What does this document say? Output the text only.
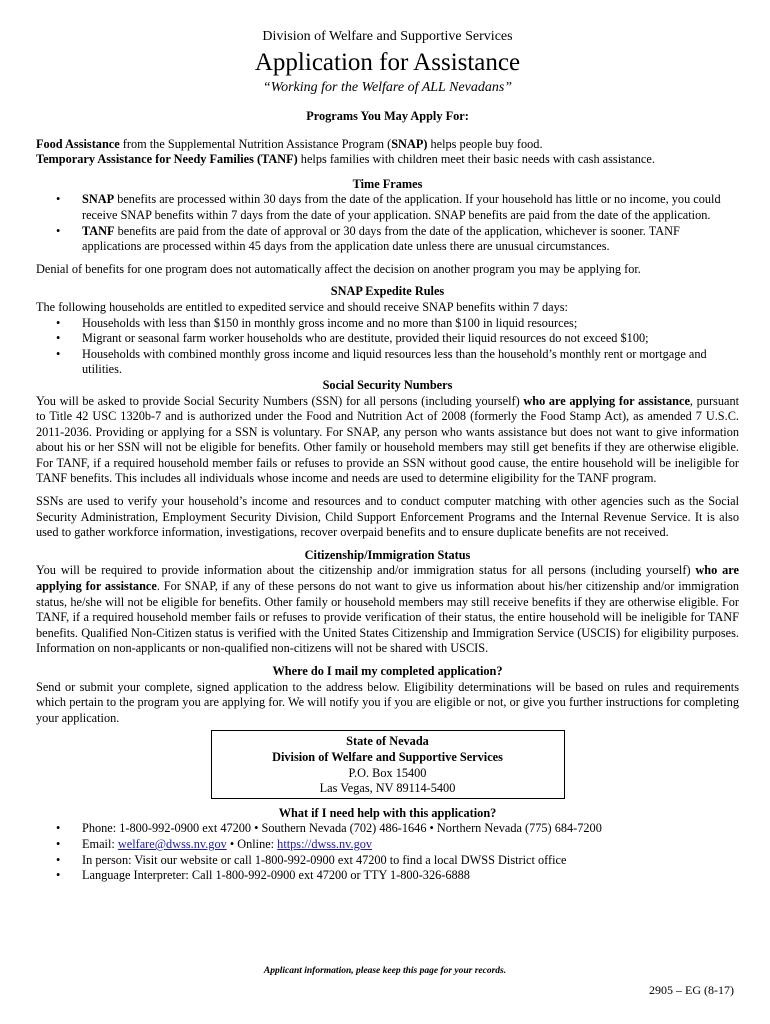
Division of Welfare and Supportive Services
Application for Assistance
“Working for the Welfare of ALL Nevadans”
Programs You May Apply For:

Food Assistance from the Supplemental Nutrition Assistance Program (SNAP) helps people buy food.

Temporary Assistance for Needy Families (TANF) helps families with children meet their basic needs with cash assistance.

Time Frames
• SNAP benefits are processed within 30 days from the date of the application. If your household has little or no income, you could receive SNAP benefits within 7 days from the date of your application. SNAP benefits are paid from the date of the application.
• TANF benefits are paid from the date of approval or 30 days from the date of the application, whichever is sooner. TANF applications are processed within 45 days from the application date unless there are unusual circumstances.

Denial of benefits for one program does not automatically affect the decision on another program you may be applying for.

SNAP Expedite Rules

The following households are entitled to expedited service and should receive SNAP benefits within 7 days:

• Households with less than $150 in monthly gross income and no more than $100 in liquid resources;
• Migrant or seasonal farm worker households who are destitute, provided their liquid resources do not exceed $100;
• Households with combined monthly gross income and liquid resources less than the household’s monthly rent or mortgage and utilities.
Social Security Numbers

You will be asked to provide Social Security Numbers (SSN) for all persons (including yourself) who are applying for assistance, pursuant to Title 42 USC 1320b-7 and is authorized under the Food and Nutrition Act of 2008 (formerly the Food Stamp Act), as amended 7 U.S.C. 2011-2036. Providing or applying for a SSN is voluntary. For SNAP, any person who wants assistance but does not want to give information about his or her SSN will not be eligible for benefits. Other family or household members may still get benefits if they are otherwise eligible. For TANF, if a required household member fails or refuses to provide an SSN without good cause, the entire household will be ineligible for TANF benefits. This includes all individuals whose income and needs are used to determine eligibility for the TANF program.

SSNs are used to verify your household’s income and resources and to conduct computer matching with other agencies such as the Social Security Administration, Employment Security Division, Child Support Enforcement Programs and the Internal Revenue Service. It is also used to gather workforce information, investigations, recover overpaid benefits and to ensure duplicate benefits are not received.

Citizenship/Immigration Status

You will be required to provide information about the citizenship and/or immigration status for all persons (including yourself) who are applying for assistance. For SNAP, if any of these persons do not want to give us information about his/her citizenship and/or immigration status, he/she will not be eligible for benefits. Other family or household members may still receive benefits if they are otherwise eligible. For TANF, if a required household member fails or refuses to provide verification of their status, the entire household will be ineligible for TANF benefits. Qualified Non-Citizen status is verified with the United States Citizenship and Immigration Service (USCIS) for eligibility purposes. Information on non-applicants or non-qualified non-citizens will not be shared with USCIS.

Where do I mail my completed application?

Send or submit your complete, signed application to the address below. Eligibility determinations will be based on rules and requirements which pertain to the program you are applying for. We will notify you if you are eligible or not, or give you further instructions for completing your application.

State of Nevada
Division of Welfare and Supportive Services
P.O. Box 15400
Las Vegas, NV 89114-5400
What if I need help with this application?
• Phone: 1-800-992-0900 ext 47200 • Southern Nevada (702) 486-1646 • Northern Nevada (775) 684-7200
• Email: welfare@dwss.nv.gov • Online: https://dwss.nv.gov
• In person: Visit our website or call 1-800-992-0900 ext 47200 to find a local DWSS District office
• Language Interpreter: Call 1-800-992-0900 ext 47200 or TTY 1-800-326-6888
Applicant information, please keep this page for your records.
2905 – EG (8-17)
